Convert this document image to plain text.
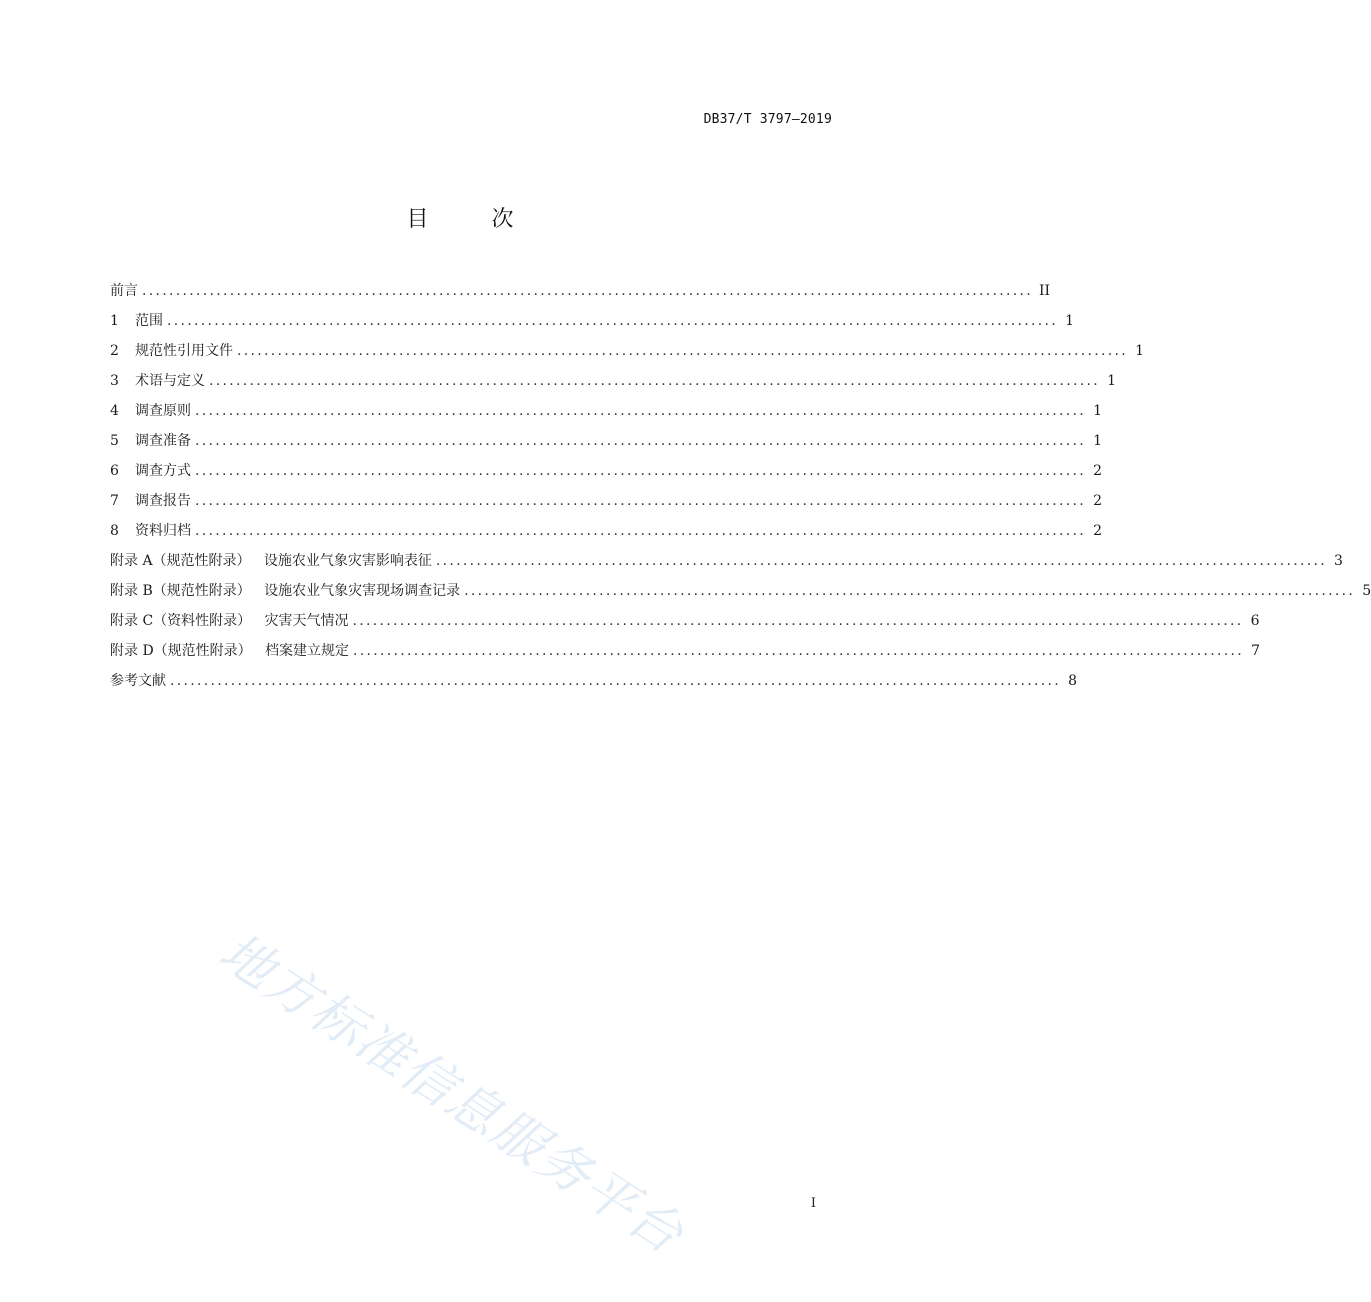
DB37/T 3797—2019
目 次
前言 .................................................................................................................................... II
1	范围 .................................................................................................................................... 1
2	规范性引用文件 .................................................................................................................................... 1
3	术语与定义 .................................................................................................................................... 1
4	调查原则 .................................................................................................................................... 1
5	调查准备 .................................................................................................................................... 1
6	调查方式 .................................................................................................................................... 2
7	调查报告 .................................................................................................................................... 2
8	资料归档 .................................................................................................................................... 2
附录 A（规范性附录）   设施农业气象灾害影响表征 .................................................................................................................................... 3
附录 B（规范性附录）   设施农业气象灾害现场调查记录 .................................................................................................................................... 5
附录 C（资料性附录）   灾害天气情况 .................................................................................................................................... 6
附录 D（规范性附录）   档案建立规定 .................................................................................................................................... 7
参考文献 .................................................................................................................................... 8
地方标准信息服务平台	I
